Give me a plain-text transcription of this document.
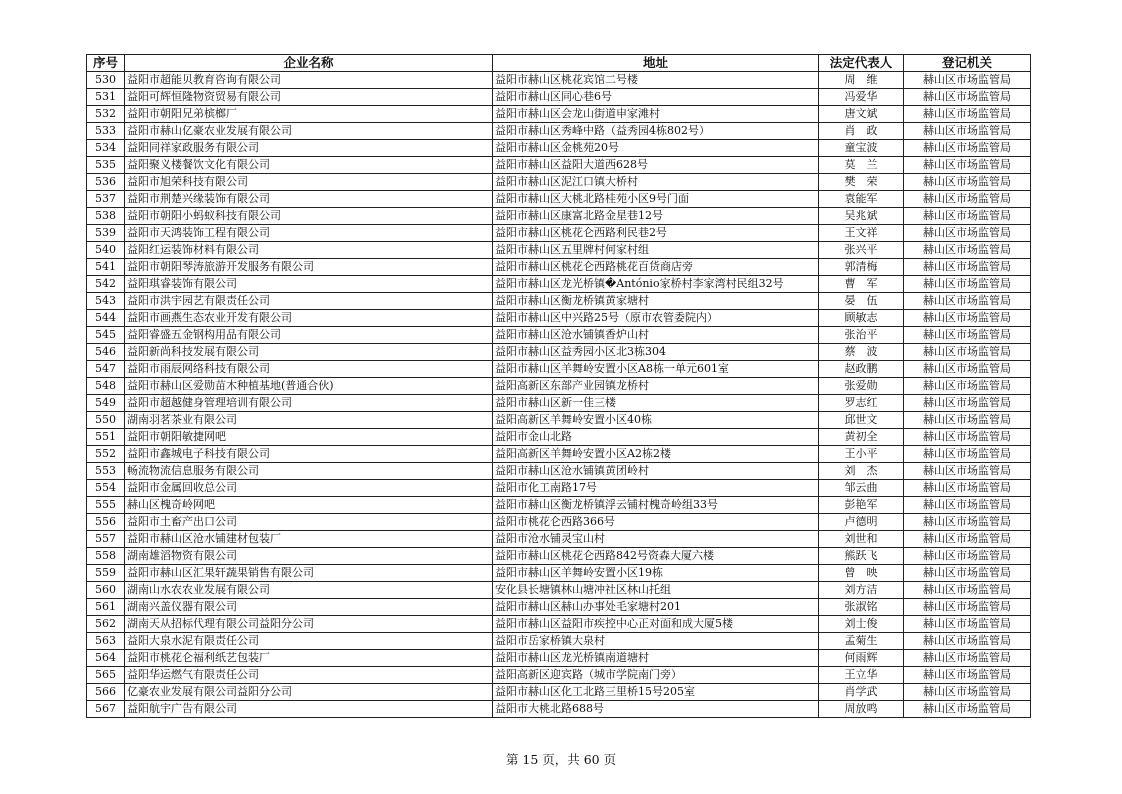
序号	企业名称	地址	法定代表人	登记机关
530	益阳市超能贝教育咨询有限公司	益阳市赫山区桃花宾馆二号楼	周　维	赫山区市场监管局
531	益阳可辉恒隆物资贸易有限公司	益阳市赫山区同心巷6号	冯爱华	赫山区市场监管局
532	益阳市朝阳兄弟槟榔厂	益阳市赫山区会龙山街道申家滩村	唐文斌	赫山区市场监管局
533	益阳市赫山亿豪农业发展有限公司	益阳市赫山区秀峰中路（益秀园4栋802号）	肖　政	赫山区市场监管局
534	益阳同祥家政服务有限公司	益阳市赫山区金桃苑20号	童宝波	赫山区市场监管局
535	益阳聚义楼餐饮文化有限公司	益阳市赫山区益阳大道西628号	莫　兰	赫山区市场监管局
536	益阳市旭荣科技有限公司	益阳市赫山区泥江口镇大桥村	樊　荣	赫山区市场监管局
537	益阳市荆楚兴缘装饰有限公司	益阳市赫山区大桃北路桂苑小区9号门面	袁能军	赫山区市场监管局
538	益阳市朝阳小蚂蚁科技有限公司	益阳市赫山区康富北路金星巷12号	吴兆斌	赫山区市场监管局
539	益阳市天鸿装饰工程有限公司	益阳市赫山区桃花仑西路利民巷2号	王文祥	赫山区市场监管局
540	益阳红运装饰材料有限公司	益阳市赫山区五里牌村何家村组	张兴平	赫山区市场监管局
541	益阳市朝阳琴涛旅游开发服务有限公司	益阳市赫山区桃花仑西路桃花百货商店旁	郭清梅	赫山区市场监管局
542	益阳琪睿装饰有限公司	益阳市赫山区龙光桥镇�António家桥村李家湾村民组32号	曹　军	赫山区市场监管局
543	益阳市洪宇园艺有限责任公司	益阳市赫山区衡龙桥镇黄家塘村	晏　伍	赫山区市场监管局
544	益阳市画燕生态农业开发有限公司	益阳市赫山区中兴路25号（原市农管委院内）	顾敏志	赫山区市场监管局
545	益阳睿盛五金钢构用品有限公司	益阳市赫山区沧水铺镇香炉山村	张治平	赫山区市场监管局
546	益阳新尚科技发展有限公司	益阳市赫山区益秀园小区北3栋304	蔡　波	赫山区市场监管局
547	益阳市雨辰网络科技有限公司	益阳市赫山区羊舞岭安置小区A8栋一单元601室	赵政鹏	赫山区市场监管局
548	益阳市赫山区爱勋苗木种植基地(普通合伙)	益阳高新区东部产业园镇龙桥村	张爱勋	赫山区市场监管局
549	益阳市超越健身管理培训有限公司	益阳市赫山区新一佳三楼	罗志红	赫山区市场监管局
550	湖南羽茗茶业有限公司	益阳高新区羊舞岭安置小区40栋	邱世文	赫山区市场监管局
551	益阳市朝阳敏捷网吧	益阳市金山北路	黄初全	赫山区市场监管局
552	益阳市鑫城电子科技有限公司	益阳高新区羊舞岭安置小区A2栋2楼	王小平	赫山区市场监管局
553	畅流物流信息服务有限公司	益阳市赫山区沧水铺镇黄团岭村	刘　杰	赫山区市场监管局
554	益阳市金属回收总公司	益阳市化工南路17号	邹云曲	赫山区市场监管局
555	赫山区槐奇岭网吧	益阳市赫山区衡龙桥镇浮云铺村槐奇岭组33号	彭艳军	赫山区市场监管局
556	益阳市土畜产出口公司	益阳市桃花仑西路366号	卢德明	赫山区市场监管局
557	益阳市赫山区沧水铺建材包装厂	益阳市沧水铺灵宝山村	刘世和	赫山区市场监管局
558	湖南雄滔物资有限公司	益阳市赫山区桃花仑西路842号资森大厦六楼	熊跃飞	赫山区市场监管局
559	益阳市赫山区汇果轩蔬果销售有限公司	益阳市赫山区羊舞岭安置小区19栋	曾　映	赫山区市场监管局
560	湖南山水农农业发展有限公司	安化县长塘镇林山塘冲社区林山托组	刘方洁	赫山区市场监管局
561	湖南兴盖仪器有限公司	益阳市赫山区赫山办事处毛家塘村201	张淑铭	赫山区市场监管局
562	湖南天从招标代理有限公司益阳分公司	益阳市赫山区益阳市疾控中心正对面和成大厦5楼	刘士俊	赫山区市场监管局
563	益阳大泉水泥有限责任公司	益阳市岳家桥镇大泉村	孟菊生	赫山区市场监管局
564	益阳市桃花仑福利纸艺包装厂	益阳市赫山区龙光桥镇南道塘村	何雨辉	赫山区市场监管局
565	益阳华运燃气有限责任公司	益阳高新区迎宾路（城市学院南门旁）	王立华	赫山区市场监管局
566	亿豪农业发展有限公司益阳分公司	益阳市赫山区化工北路三里桥15号205室	肖学武	赫山区市场监管局
567	益阳航宇广告有限公司	益阳市大桃北路688号	周放鸣	赫山区市场监管局
第 15 页，共 60 页
